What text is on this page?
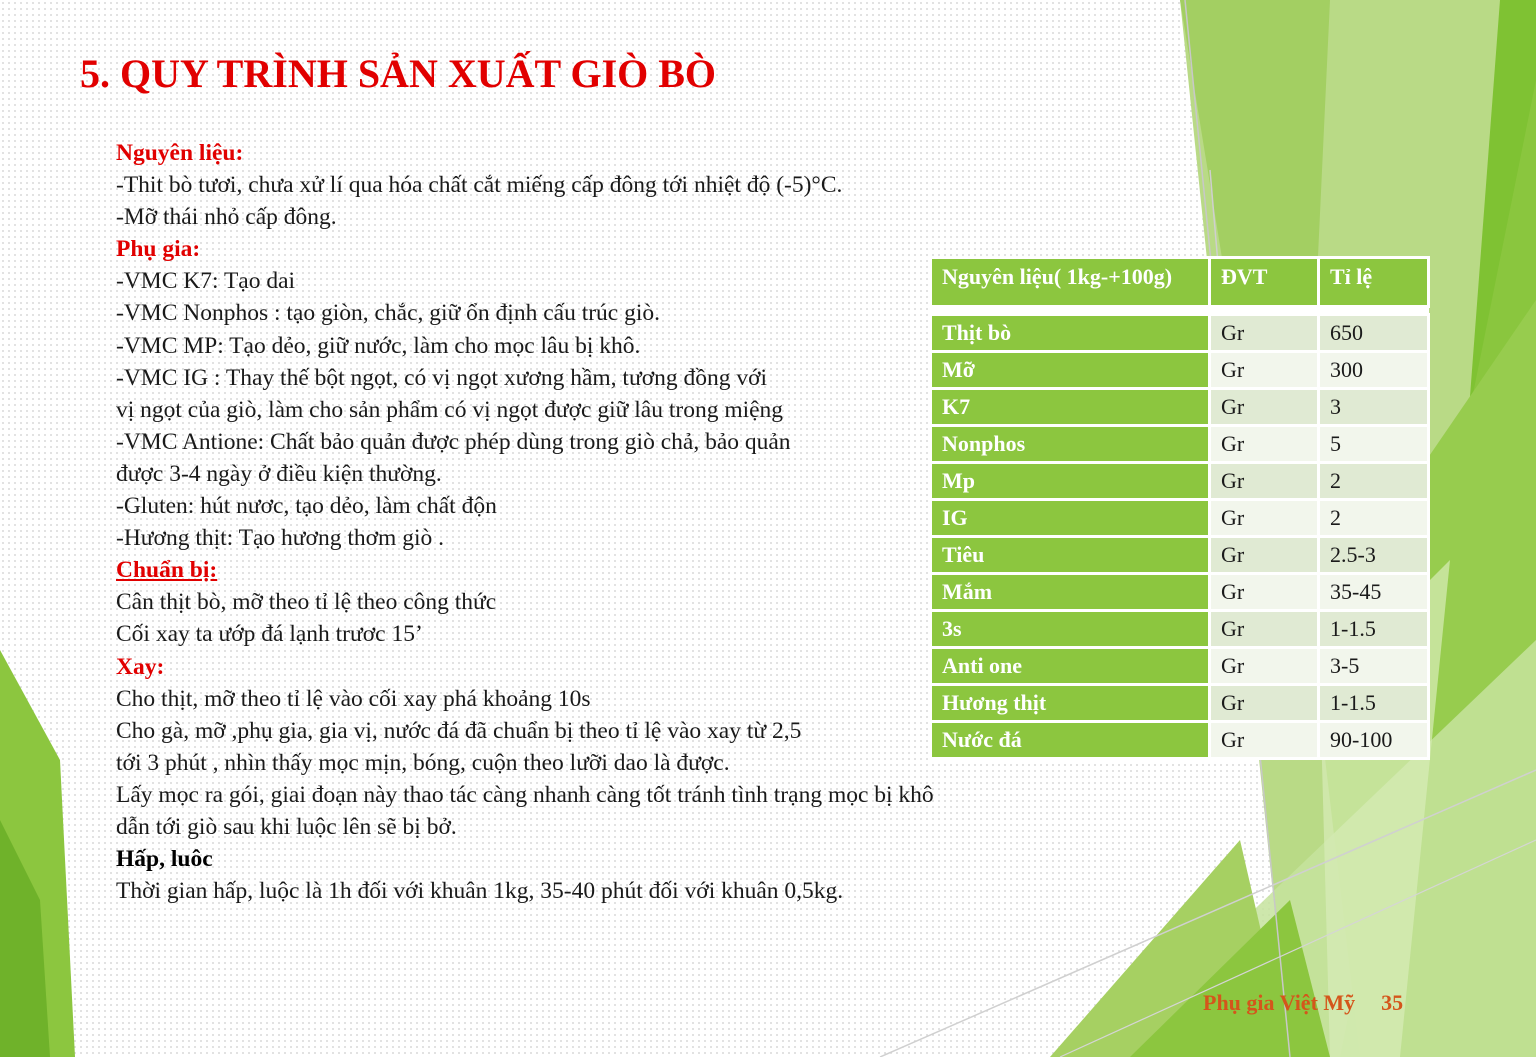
5. QUY TRÌNH SẢN XUẤT GIÒ BÒ
Nguyên liệu:
-Thit bò tươi, chưa xử lí qua hóa chất cắt miếng cấp đông tới nhiệt độ (-5)°C.
-Mỡ thái nhỏ cấp đông.
Phụ gia:
-VMC K7: Tạo dai
-VMC Nonphos : tạo giòn, chắc, giữ ổn định cấu trúc giò.
-VMC MP: Tạo dẻo, giữ nước, làm cho mọc lâu bị khô.
-VMC IG : Thay thế bột ngọt, có vị ngọt xương hầm, tương đồng với
vị ngọt của giò, làm cho sản phẩm có vị ngọt được giữ lâu trong miệng
-VMC Antione: Chất bảo quản được phép dùng trong giò chả, bảo quản
được 3-4 ngày ở điều kiện thường.
-Gluten: hút nươc, tạo dẻo, làm chất độn
-Hương thịt: Tạo hương thơm giò .
Chuẩn bị:
Cân thịt bò, mỡ theo tỉ lệ theo công thức
Cối xay ta ướp đá lạnh trươc 15’
Xay:
Cho thịt, mỡ theo tỉ lệ vào cối xay phá khoảng 10s
Cho gà, mỡ ,phụ gia, gia vị, nước đá đã chuẩn bị theo tỉ lệ vào xay từ 2,5
tới 3 phút , nhìn thấy mọc mịn, bóng, cuộn theo lưỡi dao là được.
Lấy mọc ra gói, giai đoạn này thao tác càng nhanh càng tốt tránh tình trạng mọc bị khô
dẫn tới giò sau khi luộc lên sẽ bị bở.
Hấp, luôc
Thời gian hấp, luộc là 1h đối với khuân 1kg, 35-40 phút đối với khuân 0,5kg.
Nguyên liệu( 1kg-+100g)	ĐVT	Tỉ lệ

Thịt bò	Gr	650
Mỡ	Gr	300
K7	Gr	3
Nonphos	Gr	5
Mp	Gr	2
IG	Gr	2
Tiêu	Gr	2.5-3
Mắm	Gr	35-45
3s	Gr	1-1.5
Anti one	Gr	3-5
Hương thịt	Gr	1-1.5
Nước đá	Gr	90-100
Phụ gia Việt Mỹ 35
